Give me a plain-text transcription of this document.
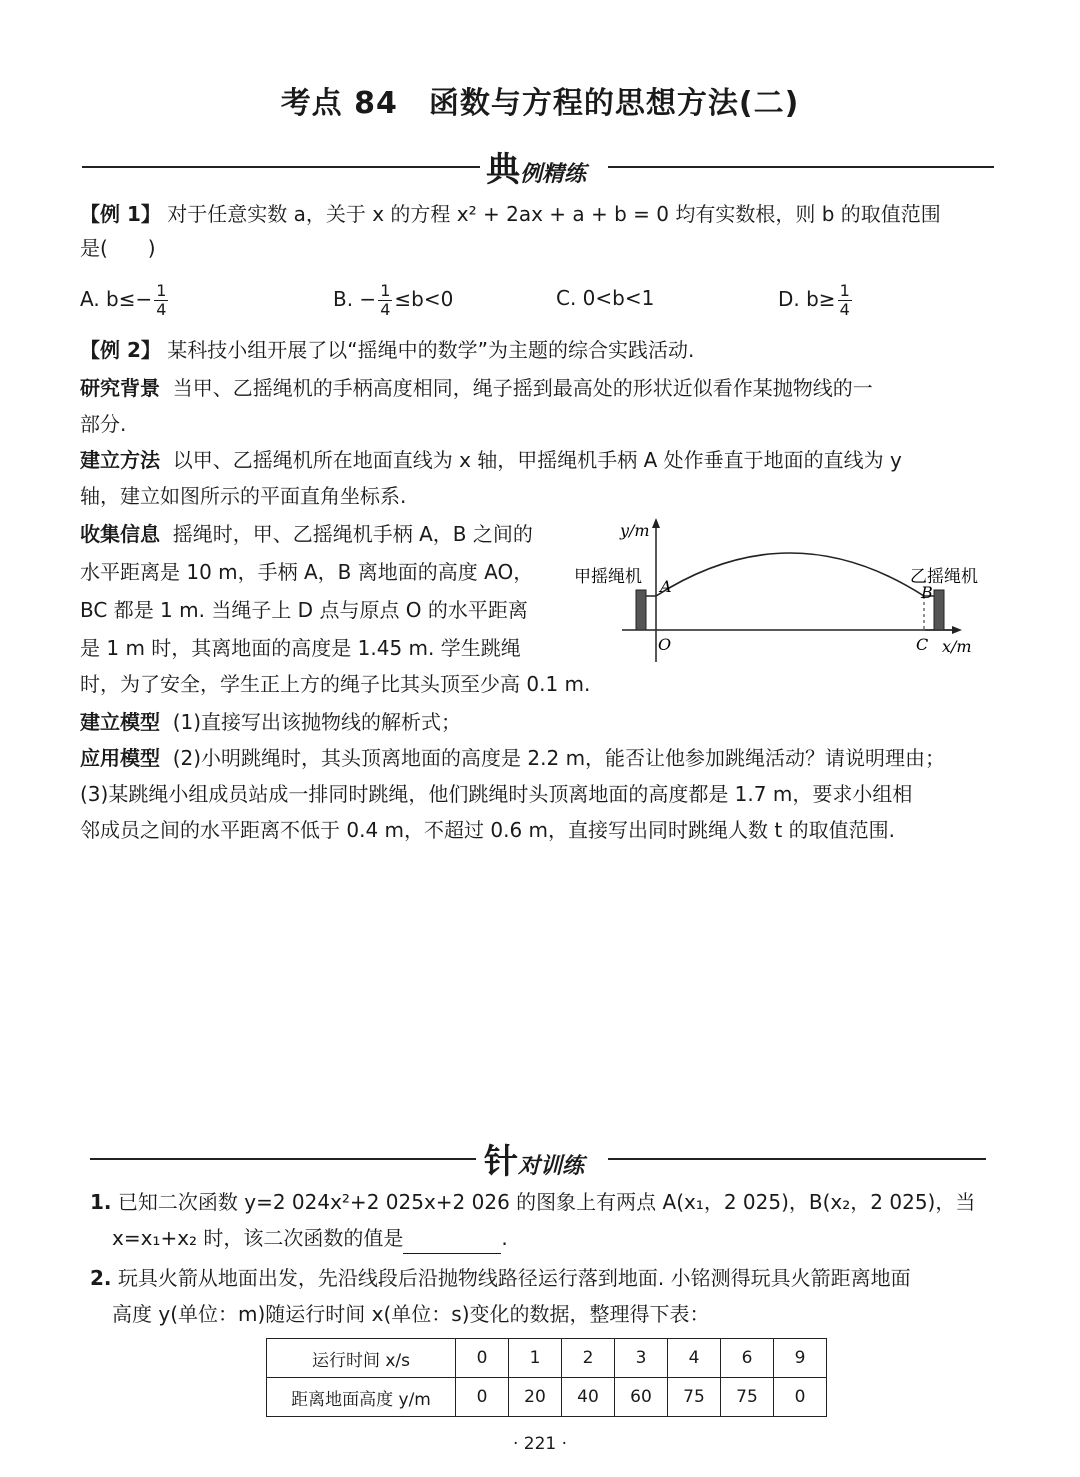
考点 84　函数与方程的思想方法(二)
典例精练
【例 1】 对于任意实数 a，关于 x 的方程 x² + 2ax + a + b = 0 均有实数根，则 b 的取值范围
是(　　)
A. $b\le- \frac{1}{4}$	B. − $\frac{1}{4} \le b<0$	C. 0<b<1	D. $b\ge \frac{1}{4}$
【例 2】 某科技小组开展了以“摇绳中的数学”为主题的综合实践活动.
研究背景 当甲、乙摇绳机的手柄高度相同，绳子摇到最高处的形状近似看作某抛物线的一
部分.
建立方法 以甲、乙摇绳机所在地面直线为 x 轴，甲摇绳机手柄 A 处作垂直于地面的直线为 y
轴，建立如图所示的平面直角坐标系.
收集信息 摇绳时，甲、乙摇绳机手柄 A，B 之间的
水平距离是 10 m，手柄 A，B 离地面的高度 AO，
BC 都是 1 m. 当绳子上 D 点与原点 O 的水平距离
是 1 m 时，其离地面的高度是 1.45 m. 学生跳绳
时，为了安全，学生正上方的绳子比其头顶至少高 0.1 m.
y/m
x/m
甲摇绳机	乙摇绳机
A	B
O	C
建立模型 (1)直接写出该抛物线的解析式；
应用模型 (2)小明跳绳时，其头顶离地面的高度是 2.2 m，能否让他参加跳绳活动？请说明理由；
(3)某跳绳小组成员站成一排同时跳绳，他们跳绳时头顶离地面的高度都是 1.7 m，要求小组相
邻成员之间的水平距离不低于 0.4 m，不超过 0.6 m，直接写出同时跳绳人数 t 的取值范围.
针对训练
1. 已知二次函数 y=2 024x²+2 025x+2 026 的图象上有两点 A(x₁，2 025)，B(x₂，2 025)，当
x=x₁+x₂ 时，该二次函数的值是	.
2. 玩具火箭从地面出发，先沿线段后沿抛物线路径运行落到地面. 小铭测得玩具火箭距离地面
高度 y(单位：m)随运行时间 x(单位：s)变化的数据，整理得下表：
运行时间 x/s	0	1	2	3	4	6	9
距离地面高度 y/m	0	20	40	60	75	75	0
· 221 ·
